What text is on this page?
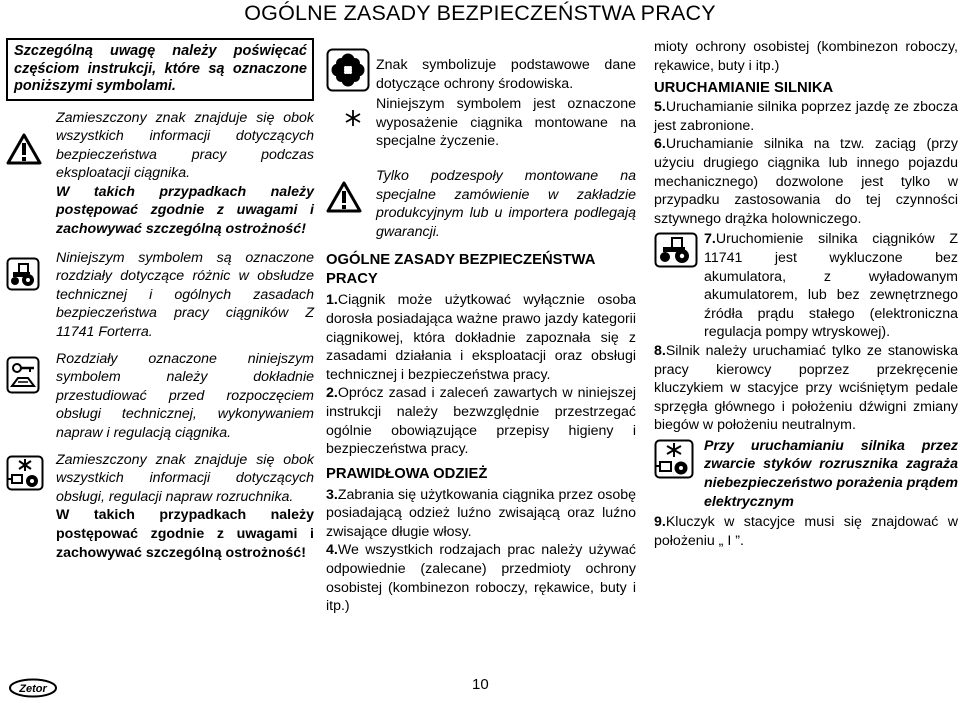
OGÓLNE ZASADY BEZPIECZEŃSTWA PRACY
Szczególną uwagę należy poświęcać częściom instrukcji, które są oznaczone poniższymi symbolami.

Zamieszczony znak znajduje się obok wszystkich informacji dotyczących bezpieczeństwa pracy podczas eksploatacji ciągnika.

W takich przypadkach należy postępować zgodnie z uwagami i zachowywać szczególną ostrożność!

Niniejszym symbolem są oznaczone rozdziały dotyczące różnic w obsłudze technicznej i ogólnych zasadach bezpieczeństwa pracy ciągników Z 11741 Forterra.

Rozdziały oznaczone niniejszym symbolem należy dokładnie przestudiować przed rozpoczęciem obsługi technicznej, wykonywaniem napraw i regulacją ciągnika.

Zamieszczony znak znajduje się obok wszystkich informacji dotyczących obsługi, regulacji napraw rozruchnika.

W takich przypadkach należy postępować zgodnie z uwagami i zachowywać szczególną ostrożność!

Znak symbolizuje podstawowe dane dotyczące ochrony środowiska.

Niniejszym symbolem jest oznaczone wyposażenie ciągnika montowane na specjalne życzenie.

Tylko podzespoły montowane na specjalne zamówienie w zakładzie produkcyjnym lub u importera podlegają gwarancji.

OGÓLNE ZASADY BEZPIECZEŃSTWA PRACY

1.Ciągnik może użytkować wyłącznie osoba dorosła posiadająca ważne prawo jazdy kategorii ciągnikowej, która dokładnie zapoznała się z zasadami działania i eksploatacji oraz obsługi technicznej i bezpieczeństwa pracy.

2.Oprócz zasad i zaleceń zawartych w niniejszej instrukcji należy bezwzględnie przestrzegać ogólnie obowiązujące przepisy higieny i bezpieczeństwa pracy.

PRAWIDŁOWA ODZIEŻ

3.Zabrania się użytkowania ciągnika przez osobę posiadającą odzież luźno zwisającą oraz luźno zwisające długie włosy.

4.We wszystkich rodzajach prac należy używać odpowiednie (zalecane) przedmioty ochrony osobistej (kombinezon roboczy, rękawice, buty i itp.)

mioty ochrony osobistej (kombinezon roboczy, rękawice, buty i itp.)

URUCHAMIANIE SILNIKA

5.Uruchamianie silnika poprzez jazdę ze zbocza jest zabronione.

6.Uruchamianie silnika na tzw. zaciąg (przy użyciu drugiego ciągnika lub innego pojazdu mechanicznego) dozwolone jest tylko w przypadku zastosowania do tej czynności sztywnego drążka holowniczego.

7.Uruchomienie silnika ciągników Z 11741 jest wykluczone bez akumulatora, z wyładowanym akumulatorem, lub bez zewnętrznego źródła prądu stałego (elektroniczna regulacja pompy wtryskowej).

8.Silnik należy uruchamiać tylko ze stanowiska pracy kierowcy poprzez przekręcenie kluczykiem w stacyjce przy wciśniętym pedale sprzęgła głównego i położeniu dźwigni zmiany biegów w położeniu neutralnym.

Przy uruchamianiu silnika przez zwarcie styków rozrusznika zagraża niebezpieczeństwo porażenia prądem elektrycznym

9.Kluczyk w stacyjce musi się znajdować w położeniu „ I ”.

10
Zetor
